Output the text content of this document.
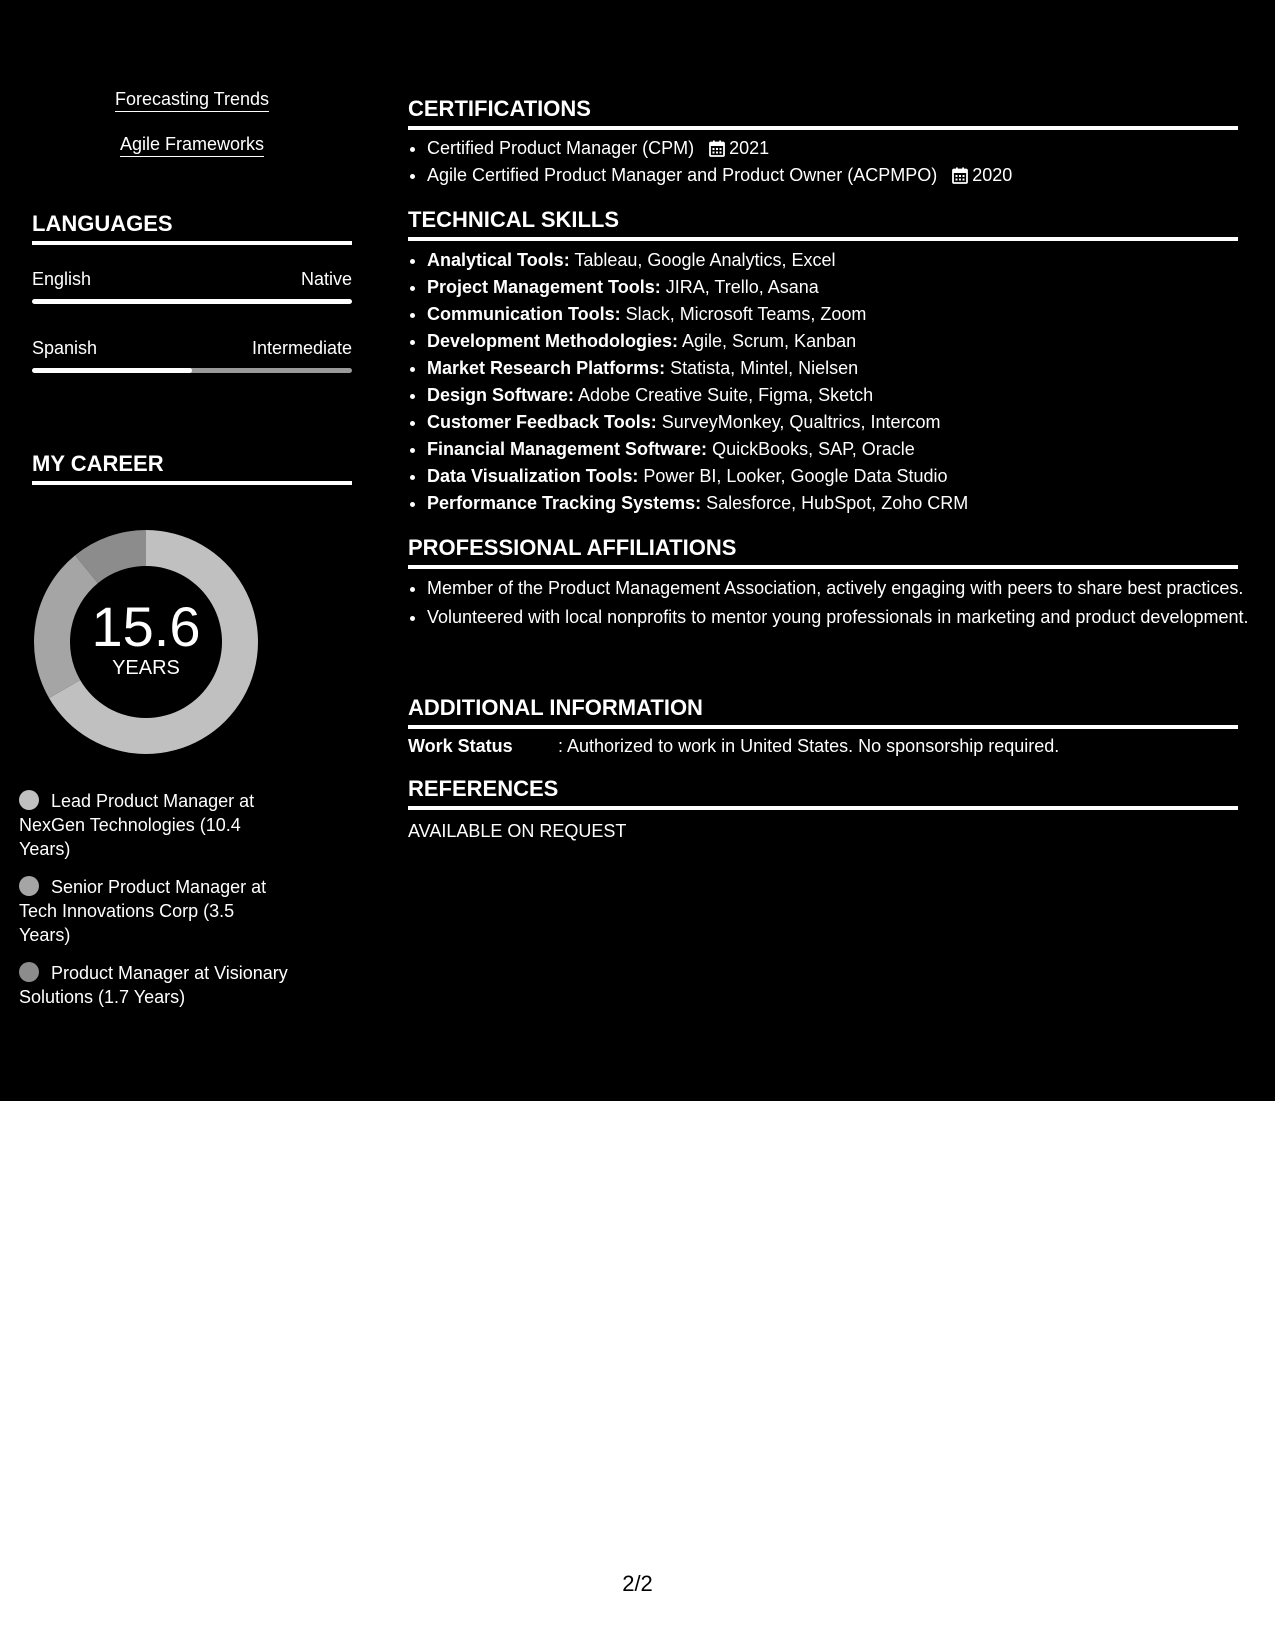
Forecasting Trends
Agile Frameworks
LANGUAGES
English	Native
Spanish	Intermediate
MY CAREER
15.6
YEARS
Lead Product Manager at NexGen Technologies (10.4 Years)
Senior Product Manager at Tech Innovations Corp (3.5 Years)
Product Manager at Visionary Solutions (1.7 Years)
CERTIFICATIONS
• Certified Product Manager (CPM) 2021
• Agile Certified Product Manager and Product Owner (ACPMPO) 2020
TECHNICAL SKILLS
• Analytical Tools: Tableau, Google Analytics, Excel
• Project Management Tools: JIRA, Trello, Asana
• Communication Tools: Slack, Microsoft Teams, Zoom
• Development Methodologies: Agile, Scrum, Kanban
• Market Research Platforms: Statista, Mintel, Nielsen
• Design Software: Adobe Creative Suite, Figma, Sketch
• Customer Feedback Tools: SurveyMonkey, Qualtrics, Intercom
• Financial Management Software: QuickBooks, SAP, Oracle
• Data Visualization Tools: Power BI, Looker, Google Data Studio
• Performance Tracking Systems: Salesforce, HubSpot, Zoho CRM
PROFESSIONAL AFFILIATIONS
• Member of the Product Management Association, actively engaging with peers to share best practices.
• Volunteered with local nonprofits to mentor young professionals in marketing and product development.
ADDITIONAL INFORMATION
Work Status	: Authorized to work in United States. No sponsorship required.
REFERENCES
AVAILABLE ON REQUEST
2/2
